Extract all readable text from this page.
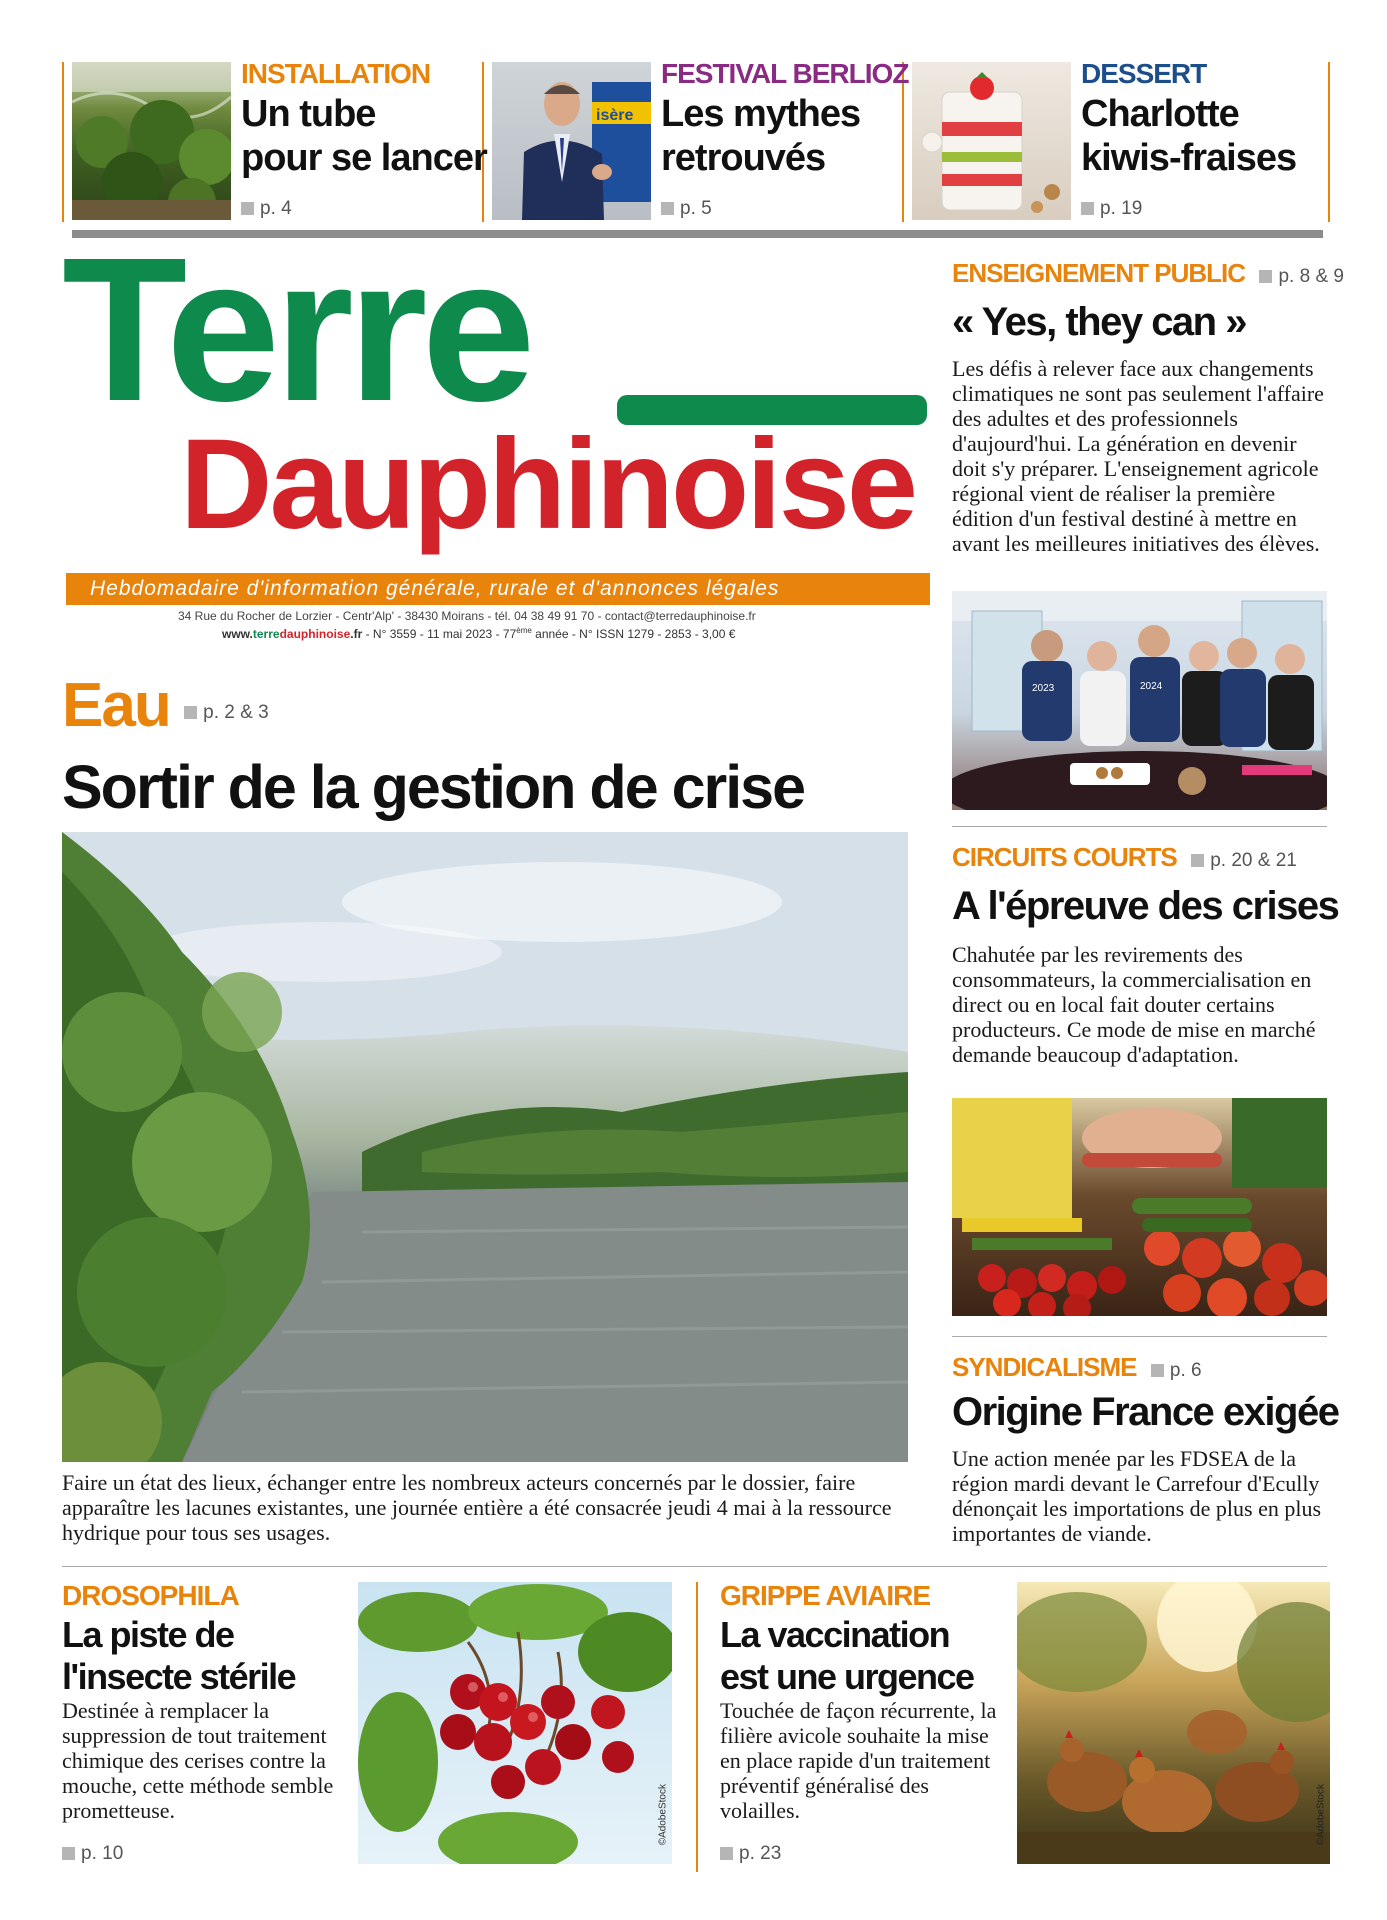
INSTALLATION
Un tube
pour se lancer
p. 4
isère
FESTIVAL BERLIOZ
Les mythes
retrouvés
p. 5
DESSERT
Charlotte
kiwis-fraises
p. 19
Terre
Dauphinoise
Hebdomadaire d'information générale, rurale et d'annonces légales
34 Rue du Rocher de Lorzier - Centr'Alp' - 38430 Moirans - tél. 04 38 49 91 70 - contact@terredauphinoise.fr
www.terredauphinoise.fr - N° 3559 - 11 mai 2023 - 77ème année - N° ISSN 1279 - 2853 - 3,00 €
Eau p. 2 & 3
Sortir de la gestion de crise
Faire un état des lieux, échanger entre les nombreux acteurs concernés par le dossier, faire apparaître les lacunes existantes, une journée entière a été consacrée jeudi 4 mai à la ressource hydrique pour tous ses usages.
ENSEIGNEMENT PUBLIC p. 8 & 9
« Yes, they can »
Les défis à relever face aux changements climatiques ne sont pas seulement l'affaire des adultes et des professionnels d'aujourd'hui. La génération en devenir doit s'y préparer. L'enseignement agricole régional vient de réaliser la première édition d'un festival destiné à mettre en avant les meilleures initiatives des élèves.
2023	2024
CIRCUITS COURTS p. 20 & 21
A l'épreuve des crises
Chahutée par les revirements des consommateurs, la commercialisation en direct ou en local fait douter certains producteurs. Ce mode de mise en marché demande beaucoup d'adaptation.
SYNDICALISME p. 6
Origine France exigée
Une action menée par les FDSEA de la région mardi devant le Carrefour d'Ecully dénonçait les importations de plus en plus importantes de viande.
DROSOPHILA
La piste de
l'insecte stérile
Destinée à remplacer la suppression de tout traitement chimique des cerises contre la mouche, cette méthode semble prometteuse.
p. 10
©AdobeStock
GRIPPE AVIAIRE
La vaccination
est une urgence
Touchée de façon récurrente, la filière avicole souhaite la mise en place rapide d'un traitement préventif généralisé des volailles.
p. 23
©AdobeStock
